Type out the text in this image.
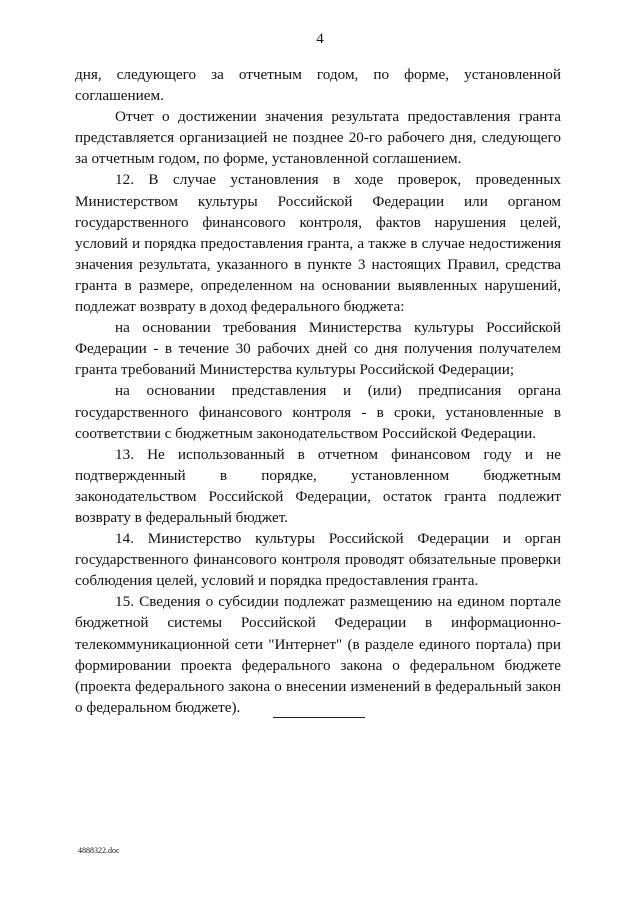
4

дня, следующего за отчетным годом, по форме, установленной соглашением.

Отчет о достижении значения результата предоставления гранта представляется организацией не позднее 20-го рабочего дня, следующего за отчетным годом, по форме, установленной соглашением.

12. В случае установления в ходе проверок, проведенных Министерством культуры Российской Федерации или органом государственного финансового контроля, фактов нарушения целей, условий и порядка предоставления гранта, а также в случае недостижения значения результата, указанного в пункте 3 настоящих Правил, средства гранта в размере, определенном на основании выявленных нарушений, подлежат возврату в доход федерального бюджета:

на основании требования Министерства культуры Российской Федерации - в течение 30 рабочих дней со дня получения получателем гранта требований Министерства культуры Российской Федерации;

на основании представления и (или) предписания органа государственного финансового контроля - в сроки, установленные в соответствии с бюджетным законодательством Российской Федерации.

13. Не использованный в отчетном финансовом году и не подтвержденный в порядке, установленном бюджетным законодательством Российской Федерации, остаток гранта подлежит возврату в федеральный бюджет.

14. Министерство культуры Российской Федерации и орган государственного финансового контроля проводят обязательные проверки соблюдения целей, условий и порядка предоставления гранта.

15. Сведения о субсидии подлежат размещению на едином портале бюджетной системы Российской Федерации в информационно-телекоммуникационной сети "Интернет" (в разделе единого портала) при формировании проекта федерального закона о федеральном бюджете (проекта федерального закона о внесении изменений в федеральный закон о федеральном бюджете).

4888322.doc
